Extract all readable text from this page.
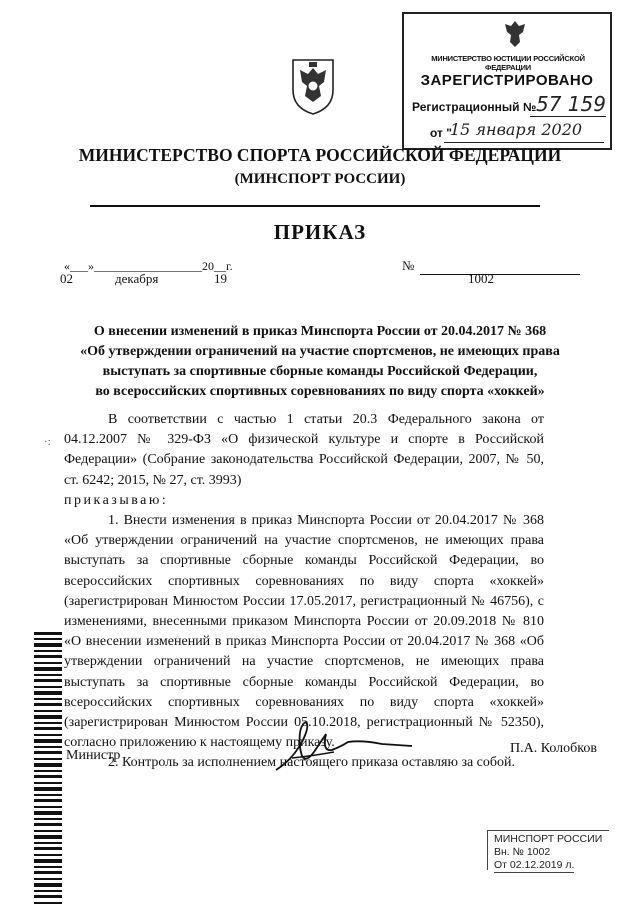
МИНИСТЕРСТВО ЮСТИЦИИ РОССИЙСКОЙ ФЕДЕРАЦИИ
ЗАРЕГИСТРИРОВАНО
Регистрационный № 57 159
от "
15 января 2020
МИНИСТЕРСТВО СПОРТА РОССИЙСКОЙ ФЕДЕРАЦИИ
(МИНСПОРТ РОССИИ)
ПРИКАЗ
«___»__________________20__г.
02	декабря	19
№
1002
О внесении изменений в приказ Минспорта России от 20.04.2017 № 368
«Об утверждении ограничений на участие спортсменов, не имеющих права
выступать за спортивные сборные команды Российской Федерации,
во всероссийских спортивных соревнованиях по виду спорта «хоккей»
·:

В соответствии с частью 1 статьи 20.3 Федерального закона от 04.12.2007 № 329-ФЗ «О физической культуре и спорте в Российской Федерации» (Собрание законодательства Российской Федерации, 2007, № 50, ст. 6242; 2015, № 27, ст. 3993)

приказываю:

1. Внести изменения в приказ Минспорта России от 20.04.2017 № 368 «Об утверждении ограничений на участие спортсменов, не имеющих права выступать за спортивные сборные команды Российской Федерации, во всероссийских спортивных соревнованиях по виду спорта «хоккей» (зарегистрирован Минюстом России 17.05.2017, регистрационный № 46756), с изменениями, внесенными приказом Минспорта России от 20.09.2018 № 810 «О внесении изменений в приказ Минспорта России от 20.04.2017 № 368 «Об утверждении ограничений на участие спортсменов, не имеющих права выступать за спортивные сборные команды Российской Федерации, во всероссийских спортивных соревнованиях по виду спорта «хоккей» (зарегистрирован Минюстом России 05.10.2018, регистрационный № 52350), согласно приложению к настоящему приказу.

2. Контроль за исполнением настоящего приказа оставляю за собой.

Министр	П.А. Колобков
МИНСПОРТ РОССИИ
Вн. № 1002
От 02.12.2019 л.
